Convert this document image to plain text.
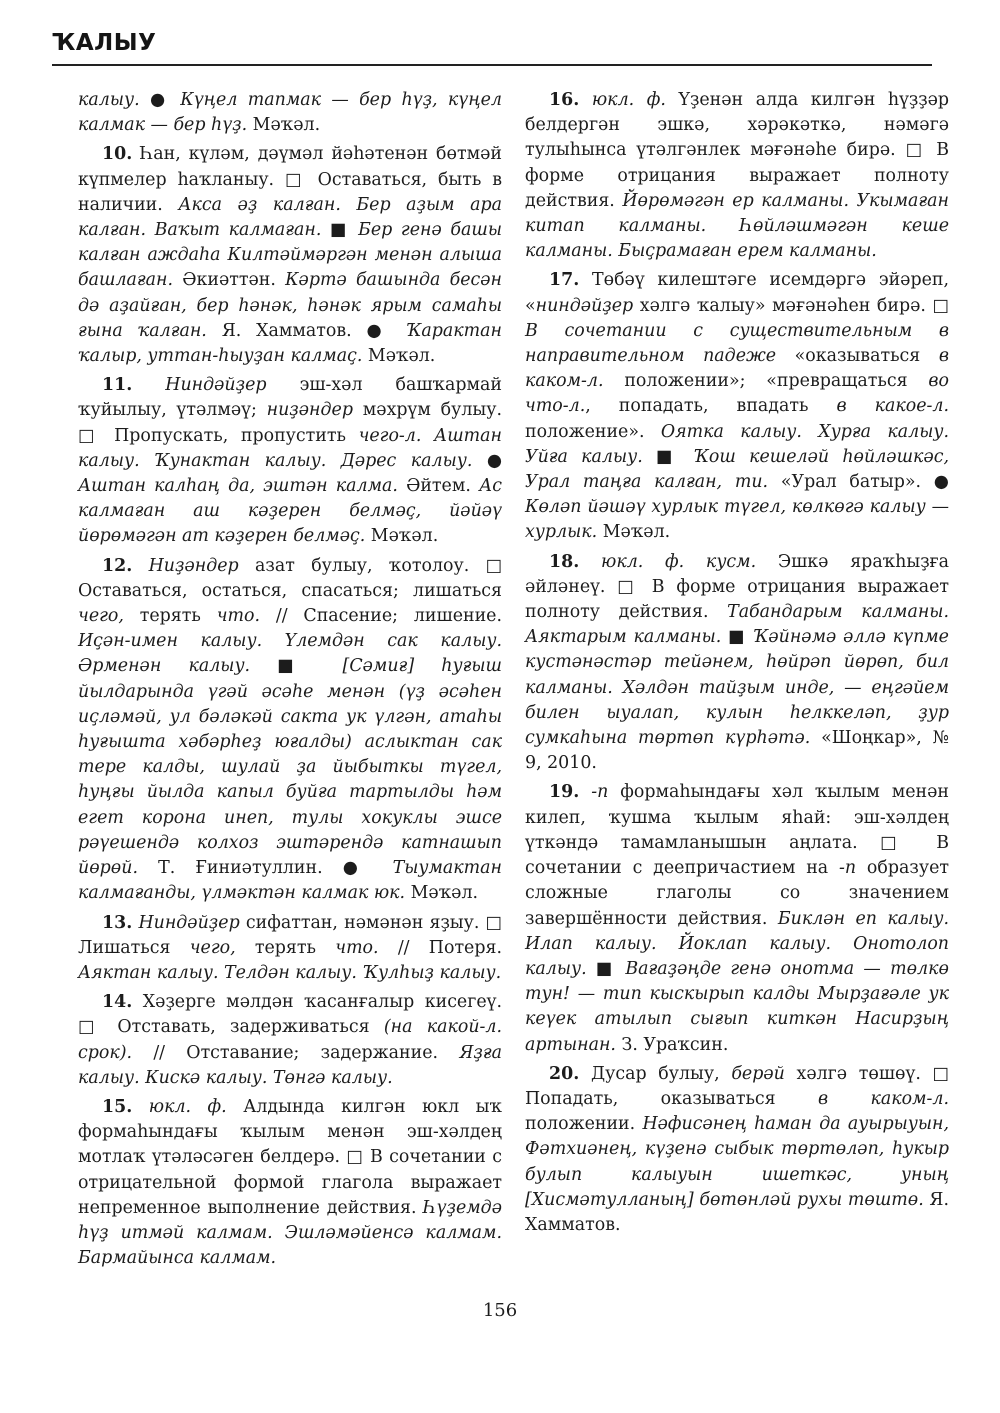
ҠАЛЫУ

калыу. ● Күңел тапмак — бер һүҙ, күңел калмак — бер һүҙ. Мәҡәл.

10. Һан, күләм, дәүмәл йәһәтенән бөтмәй күпмелер һаҡланыу. □ Оставаться, быть в наличии. Акса әҙ калған. Бер аҙым ара калған. Ваҡыт калмаған. ■ Бер генә башы калған аждаһа Килтәймәргән менән алыша башлаған. Әкиәттән. Кәртә башында бесән дә аҙайған, бер һәнәк, һәнәк ярым самаһы ғына ҡалған. Я. Хамматов. ● Ҡарактан ҡалыр, уттан-һыуҙан калмаҫ. Мәҡәл.

11. Ниндәйҙер эш-хәл башҡармай ҡуйылыу, үтәлмәү; ниҙәндер мәхрүм булыу. □ Пропускать, пропустить чего-л. Аштан калыу. Ҡунактан калыу. Дәрес калыу. ● Аштан калһаң да, эштән калма. Әйтем. Ас калмаған аш кәҙерен белмәҫ, йәйәү йөрөмәгән ат кәҙерен белмәҫ. Мәҡәл.

12. Ниҙәндер азат булыу, ҡотолоу. □ Оставаться, остаться, спасаться; лишаться чего, терять что. // Спасение; лишение. Иҫән-имен калыу. Үлемдән сак калыу. Әрменән калыу. ■ [Сәмиғ] һуғыш йылдарында үгәй әсәһе менән (үҙ әсәһен иҫләмәй, ул бәләкәй сакта ук үлгән, атаһы һуғышта хәбәрһеҙ юғалды) аслыктан сак тере калды, шулай ҙа йыбыткы түгел, һуңғы йылда капыл буйға тартылды һәм егет корона инеп, тулы хокуклы эшсе рәүешендә колхоз эштәрендә катнашып йөрөй. Т. Ғиниәтуллин. ● Тыумактан калмағанды, үлмәктән калмак юк. Мәҡәл.

13. Ниндәйҙер сифаттан, нәмәнән яҙыу. □ Лишаться чего, терять что. // Потеря. Аяктан калыу. Телдән калыу. Ҡулһыҙ калыу.

14. Хәҙерге мәлдән ҡасанғалыр кисегеү. □ Отставать, задерживаться (на какой-л. срок). // Отставание; задержание. Яҙға калыу. Кискә калыу. Төнгә калыу.

15. юкл. ф. Алдында килгән юкл ыҡ формаһындағы ҡылым менән эш-хәлдең мотлаҡ үтәләсәген белдерә. □ В сочетании с отрицательной формой глагола выражает непременное выполнение действия. Һүҙемдә һүҙ итмәй калмам. Эшләмәйенсә калмам. Бармайынса калмам.

16. юкл. ф. Үҙенән алда килгән һүҙҙәр белдергән эшкә, хәрәкәткә, нәмәгә тулыһынса үтәлгәнлек мәғәнәһе бирә. □ В форме отрицания выражает полноту действия. Йөрөмәгән ер калманы. Укымаған китап калманы. Һөйләшмәгән кеше калманы. Быҫрамаған ерем калманы.

17. Төбәү килештәге исемдәргә эйәреп, «ниндәйҙер хәлгә ҡалыу» мәғәнәһен бирә. □ В сочетании с существительным в направительном падеже «оказываться в каком-л. положении»; «превращаться во что-л., попадать, впадать в какое-л. положение». Оятка калыу. Хурға калыу. Уйға калыу. ■ Ҡош кешеләй һөйләшкәс, Урал таңға калған, ти. «Урал батыр». ● Көләп йәшәү хурлык түгел, көлкөгә калыу — хурлык. Мәҡәл.

18. юкл. ф. кусм. Эшкә яраҡһыҙға әйләнеү. □ В форме отрицания выражает полноту действия. Табандарым калманы. Аяктарым калманы. ■ Ҡәйнәмә әллә күпме кустәнәстәр тейәнем, һөйрәп йөрөп, бил калманы. Хәлдән тайҙым инде, — еңгәйем билен ыуалап, кулын һелккеләп, ҙур сумкаһына төртөп күрһәтә. «Шоңкар», № 9, 2010.

19. -п формаһындағы хәл ҡылым менән килеп, ҡушма ҡылым яһай: эш-хәлдең үткәндә тамамланышын аңлата. □ В сочетании с деепричастием на -п образует сложные глаголы со значением завершённости действия. Биклән еп калыу. Илап калыу. Йоклап калыу. Онотолоп калыу. ■ Вағаҙәңде генә онотма — төлкө тун! — тип кыскырып калды Мырҙағәле ук кеүек атылып сығып киткән Насирҙың артынан. З. Ураҡсин.

20. Дусар булыу, берәй хәлгә төшөү. □ Попадать, оказываться в каком-л. положении. Нәфисәнең һаман да ауырыуын, Фәтхиәнең, күҙенә сыбык төртөләп, һукыр булып калыуын ишеткәс, уның [Хисмәтулланың] бөтөнләй рухы төштө. Я. Хамматов.

156
